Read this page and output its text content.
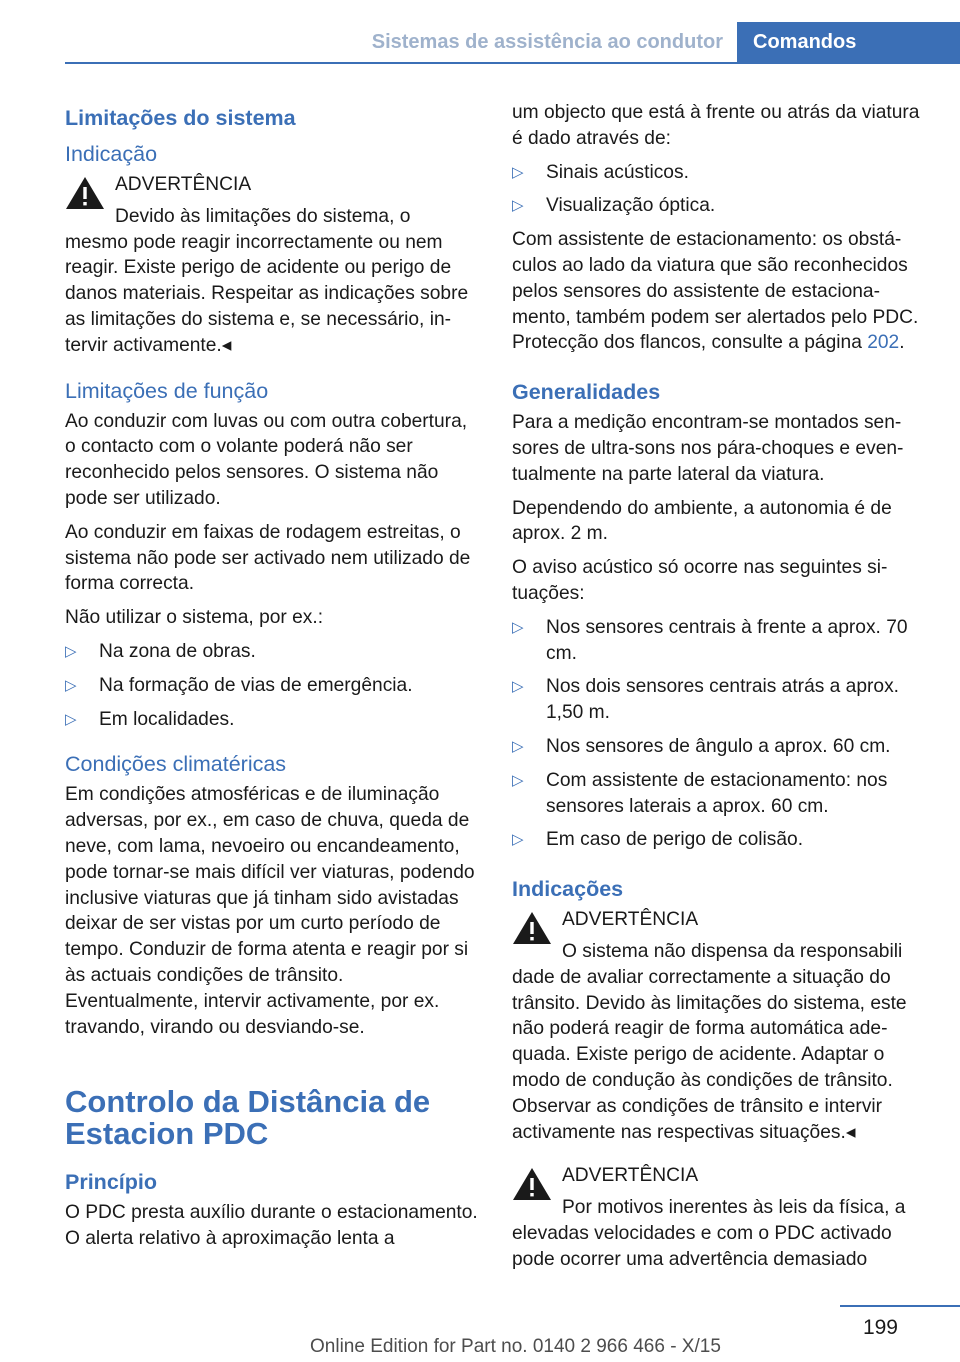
Sistemas de assistência ao condutor	Comandos
Limitações do sistema
Indicação
ADVERTÊNCIA
Devido às limitações do sistema, o
mesmo pode reagir incorrectamente ou nem reagir. Existe perigo de acidente ou perigo de danos materiais. Respeitar as indicações sobre as limitações do sistema e, se necessário, intervir activamente.◂
Limitações de função

Ao conduzir com luvas ou com outra cobertura, o contacto com o volante poderá não ser reconhecido pelos sensores. O sistema não pode ser utilizado.

Ao conduzir em faixas de rodagem estreitas, o sistema não pode ser activado nem utilizado de forma correcta.

Não utilizar o sistema, por ex.:

▷ Na zona de obras.
▷ Na formação de vias de emergência.
▷ Em localidades.
Condições climatéricas

Em condições atmosféricas e de iluminação adversas, por ex., em caso de chuva, queda de neve, com lama, nevoeiro ou encandeamento, pode tornar-se mais difícil ver viaturas, podendo inclusive viaturas que já tinham sido avistadas deixar de ser vistas por um curto período de tempo. Conduzir de forma atenta e reagir por si às actuais condições de trânsito. Eventualmente, intervir activamente, por ex. travando, virando ou desviando-se.

Controlo da Distância de Estacion PDC
Princípio

O PDC presta auxílio durante o estacionamento. O alerta relativo à aproximação lenta a

um objecto que está à frente ou atrás da viatura é dado através de:

▷ Sinais acústicos.
▷ Visualização óptica.

Com assistente de estacionamento: os obstáculos ao lado da viatura que são reconhecidos pelos sensores do assistente de estacionamento, também podem ser alertados pelo PDC. Protecção dos flancos, consulte a página 202.

Generalidades

Para a medição encontram-se montados sensores de ultra-sons nos pára-choques e eventualmente na parte lateral da viatura.

Dependendo do ambiente, a autonomia é de aprox. 2 m.

O aviso acústico só ocorre nas seguintes situações:

▷ Nos sensores centrais à frente a aprox. 70 cm.
▷ Nos dois sensores centrais atrás a aprox. 1,50 m.
▷ Nos sensores de ângulo a aprox. 60 cm.
▷ Com assistente de estacionamento: nos sensores laterais a aprox. 60 cm.
▷ Em caso de perigo de colisão.
Indicações
ADVERTÊNCIA
O sistema não dispensa da responsabili
dade de avaliar correctamente a situação do trânsito. Devido às limitações do sistema, este não poderá reagir de forma automática adequada. Existe perigo de acidente. Adaptar o modo de condução às condições de trânsito. Observar as condições de trânsito e intervir activamente nas respectivas situações.◂
ADVERTÊNCIA
Por motivos inerentes às leis da física, a
elevadas velocidades e com o PDC activado pode ocorrer uma advertência demasiado
199
Online Edition for Part no. 0140 2 966 466 - X/15
